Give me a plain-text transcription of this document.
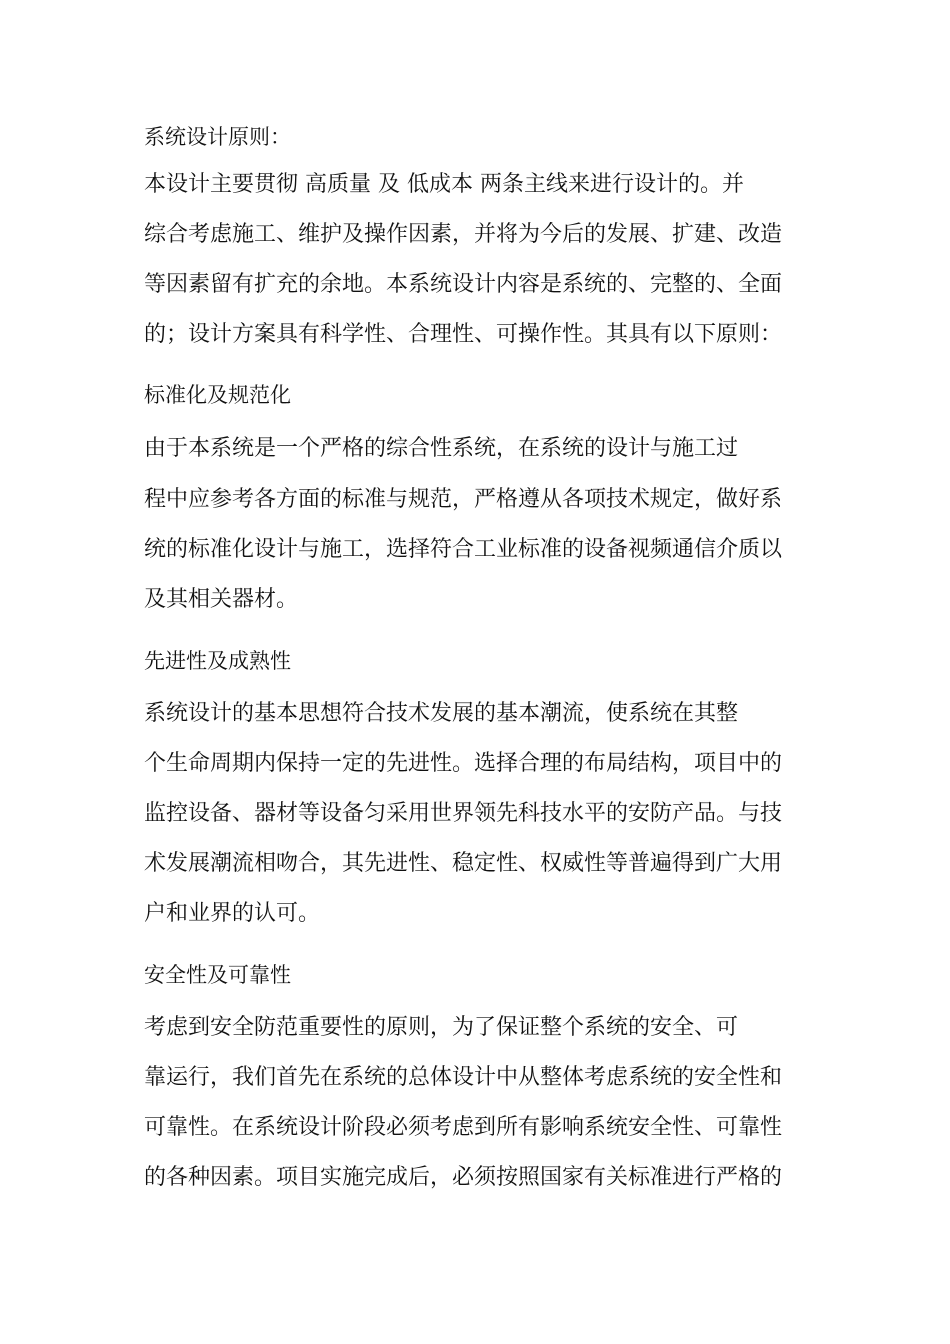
系统设计原则：
本设计主要贯彻 高质量 及 低成本 两条主线来进行设计的。并
综合考虑施工、维护及操作因素，并将为今后的发展、扩建、改造
等因素留有扩充的余地。本系统设计内容是系统的、完整的、全面
的；设计方案具有科学性、合理性、可操作性。其具有以下原则：
标准化及规范化
由于本系统是一个严格的综合性系统，在系统的设计与施工过
程中应参考各方面的标准与规范，严格遵从各项技术规定，做好系
统的标准化设计与施工，选择符合工业标准的设备视频通信介质以
及其相关器材。
先进性及成熟性
系统设计的基本思想符合技术发展的基本潮流，使系统在其整
个生命周期内保持一定的先进性。选择合理的布局结构，项目中的
监控设备、器材等设备匀采用世界领先科技水平的安防产品。与技
术发展潮流相吻合，其先进性、稳定性、权威性等普遍得到广大用
户和业界的认可。
安全性及可靠性
考虑到安全防范重要性的原则，为了保证整个系统的安全、可
靠运行，我们首先在系统的总体设计中从整体考虑系统的安全性和
可靠性。在系统设计阶段必须考虑到所有影响系统安全性、可靠性
的各种因素。项目实施完成后，必须按照国家有关标准进行严格的
